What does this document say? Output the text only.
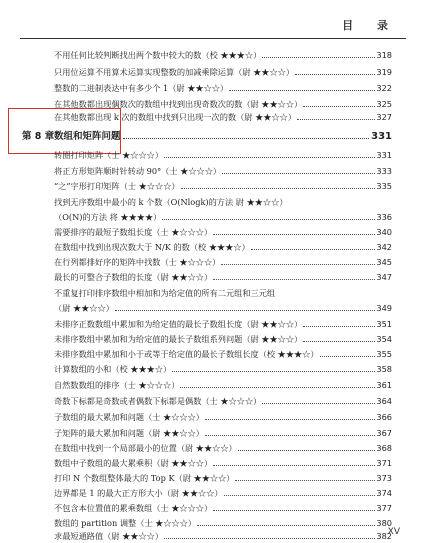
目 录
不用任何比较判断找出两个数中较大的数（校 ★★★☆）	318
只用位运算不用算术运算实现整数的加减乘除运算（尉 ★★☆☆）	319
整数的二进制表达中有多少个 1（尉 ★★☆☆）	322
在其他数都出现偶数次的数组中找到出现奇数次的数（尉 ★★☆☆）	325
在其他数都出现 k 次的数组中找到只出现一次的数（尉 ★★☆☆）	327
第 8 章 数组和矩阵问题	331
转圈打印矩阵（士 ★☆☆☆）	331
将正方形矩阵顺时针转动 90°（士 ★☆☆☆）	333
“之”字形打印矩阵（士 ★☆☆☆）	335
找到无序数组中最小的 k 个数（O(Nlogk)的方法 尉 ★★☆☆）
（O(N)的方法 将 ★★★★）	336
需要排序的最短子数组长度（士 ★☆☆☆）	340
在数组中找到出现次数大于 N/K 的数（校 ★★★☆）	342
在行列都排好序的矩阵中找数（士 ★☆☆☆）	345
最长的可整合子数组的长度（尉 ★★☆☆）	347
不重复打印排序数组中相加和为给定值的所有二元组和三元组
（尉 ★★☆☆）	349
未排序正数数组中累加和为给定值的最长子数组长度（尉 ★★☆☆）	351
未排序数组中累加和为给定值的最长子数组系列问题（尉 ★★☆☆）	354
未排序数组中累加和小于或等于给定值的最长子数组长度（校 ★★★☆）	355
计算数组的小和（校 ★★★☆）	358
自然数数组的排序（士 ★☆☆☆）	361
奇数下标都是奇数或者偶数下标都是偶数（士 ★☆☆☆）	364
子数组的最大累加和问题（士 ★☆☆☆）	366
子矩阵的最大累加和问题（尉 ★★☆☆）	367
在数组中找到一个局部最小的位置（尉 ★★☆☆）	368
数组中子数组的最大累乘积（尉 ★★☆☆）	371
打印 N 个数组整体最大的 Top K（尉 ★★☆☆）	373
边界都是 1 的最大正方形大小（尉 ★★☆☆）	374
不包含本位置值的累乘数组（士 ★☆☆☆）	377
数组的 partition 调整（士 ★☆☆☆）	380
求最短通路值（尉 ★★☆☆）	382
XV
